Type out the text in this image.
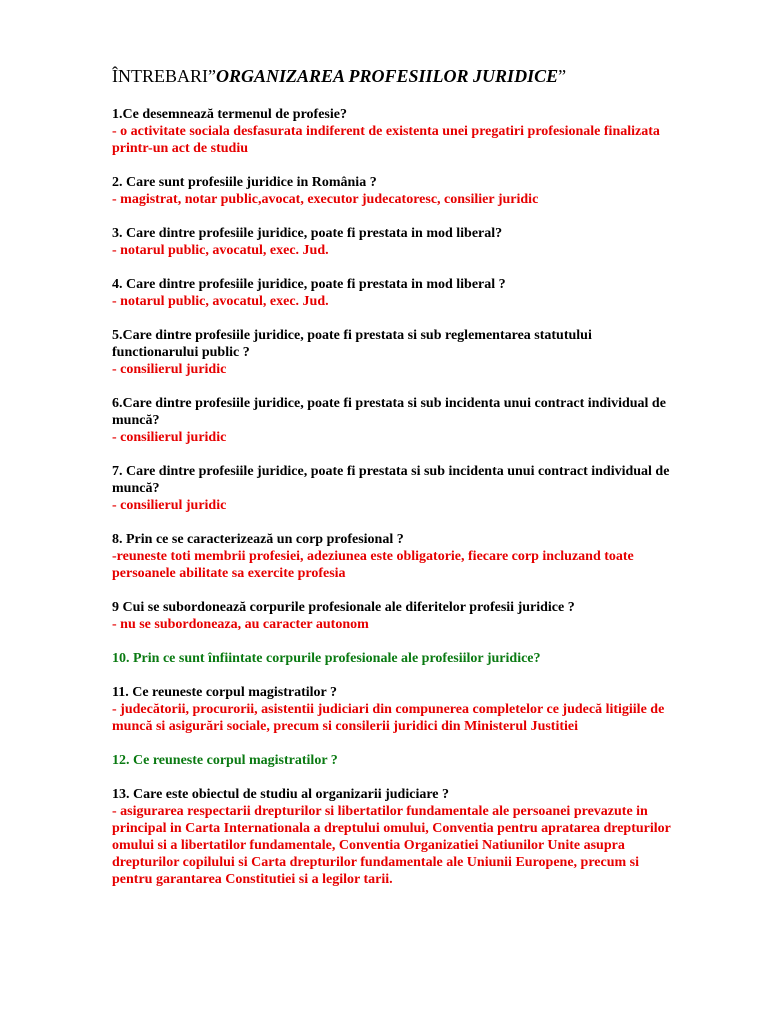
ÎNTREBARI”ORGANIZAREA PROFESIILOR JURIDICE”
1.Ce desemnează termenul de profesie?
- o activitate sociala desfasurata indiferent de existenta unei pregatiri profesionale finalizata printr-un act de studiu
2. Care sunt profesiile juridice in România ?
- magistrat, notar public,avocat, executor judecatoresc, consilier juridic
3. Care dintre profesiile juridice, poate fi prestata in mod liberal?
- notarul public, avocatul, exec. Jud.
4. Care dintre profesiile juridice, poate fi prestata in mod liberal ?
- notarul public, avocatul, exec. Jud.
5.Care dintre profesiile juridice, poate fi prestata si sub reglementarea statutului functionarului public ?
- consilierul juridic
6.Care dintre profesiile juridice, poate fi prestata si sub incidenta unui contract individual de muncă?
- consilierul juridic
7. Care dintre profesiile juridice, poate fi prestata si sub incidenta unui contract individual de muncă?
- consilierul juridic
8. Prin ce se caracterizează un corp profesional ?
-reuneste toti membrii profesiei, adeziunea este obligatorie, fiecare corp incluzand toate persoanele abilitate sa exercite profesia
9 Cui se subordonează corpurile profesionale ale diferitelor profesii juridice ?
- nu se subordoneaza, au caracter autonom
10. Prin ce sunt înfiintate corpurile profesionale ale profesiilor juridice?
11. Ce reuneste corpul magistratilor ?
- judecătorii, procurorii, asistentii judiciari din compunerea completelor ce judecă litigiile de muncă si asigurări sociale, precum si consilerii juridici din Ministerul Justitiei
12. Ce reuneste corpul magistratilor ?
13. Care este obiectul de studiu al organizarii judiciare ?
- asigurarea respectarii drepturilor si libertatilor fundamentale ale persoanei prevazute in principal in Carta Internationala a dreptului omului, Conventia pentru apratarea drepturilor omului si a libertatilor fundamentale, Conventia Organizatiei Natiunilor Unite asupra drepturilor copilului si Carta drepturilor fundamentale ale Uniunii Europene, precum si pentru garantarea Constitutiei si a legilor tarii.
